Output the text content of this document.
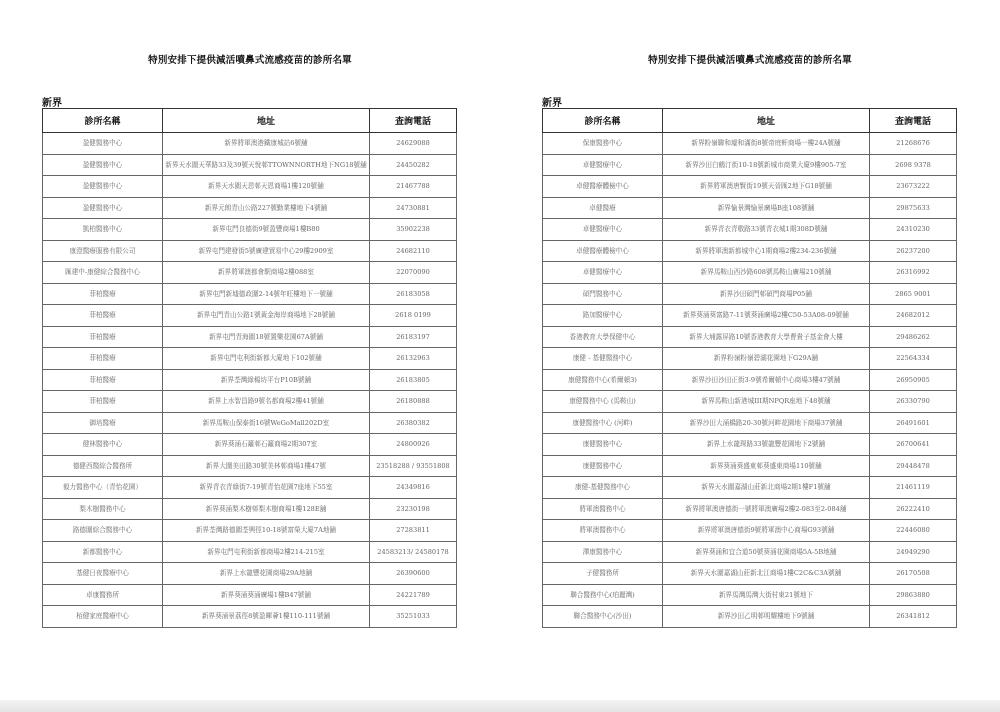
特別安排下提供減活噴鼻式流感疫苗的診所名單
新界
診所名稱	地址	查詢電話
盈健醫務中心	新界將軍澳港鐵康城站6號舖	24629088
盈健醫務中心	新界天水圍天華路33及39號天悅邨TTOWNNORTH地下NG18號舖	24450282
盈健醫務中心	新界天水圍天恩邨天恩商場1樓120號舖	21467788
盈健醫務中心	新界元朗青山公路227號勤業樓地下4號舖	24730881
凱柏醫務中心	新界屯門良德街9號盈豐商場1樓B80	35902238
康澄醫療服務有限公司	新界屯門建發街5號廣建貿易中心29樓2909室	24682110
匯建中-康健綜合醫務中心	新界將軍澳都會駅商場2樓088室	22070090
菲柏醫療	新界屯門新墟德政圍2-14號年旺樓地下一號舖	26183058
菲柏醫療	新界屯門青山公路1號黃金海岸商場地下28號舖	2618 0199
菲柏醫療	新界屯門青海圍18號置樂花園67A號舖	26183197
菲柏醫療	新界屯門屯利街新都大廈地下102號舖	26132963
菲柏醫療	新界荃灣綠楊坊平台P10B號舖	26183805
菲柏醫療	新界上水智昌路9號名都商場2樓41號舖	26180888
御培醫療	新界馬鞍山保泰街16號WeGoMall202D室	26380382
健林醫務中心	新界葵涌石籬邨石籬商場2期307室	24800926
德健西醫綜合醫務所	新界大圍美田路30號美林邨商場1樓47號	23518288 / 93551808
毅力醫務中心（青怡花園）	新界青衣青綠街7-19號青怡花園7座地下55室	24349816
梨木樹醫務中心	新界葵涌梨木樹邨梨木樹商場1樓128E舖	23230198
路德圍綜合醫務中心	新界荃灣路德圍荃興徑10-18號富榮大廈7A地舖	27283811
新都醫務中心	新界屯門屯利街新都商場2樓214-215室	24583213/ 24580178
基健日夜醫療中心	新界上水龍豐花園商場29A地舖	26390600
卓康醫務所	新界葵涌葵涌廣場1樓B47號舖	24221789
栢健家庭醫療中心	新界葵涌景荔徑8號盈暉薈1樓110-111號舖	35251033
特別安排下提供減活噴鼻式流感疫苗的診所名單
新界
診所名稱	地址	查詢電話
保康醫務中心	新界粉嶺聯和墟和滿街8號帝庭軒商場一樓24A號舖	21268676
卓健醫療中心	新界沙田白鶴汀街10-18號新城市商業大廈9樓905-7室	2698 9378
卓健醫療體檢中心	新界將軍澳唐賢街19號天晉匯2地下G18號舖	23673222
卓健醫療	新界愉景灣愉景廣場B座108號舖	29875633
卓健醫療中心	新界青衣青敬路33號青衣城1期308D號舖	24310230
卓健醫療體檢中心	新界將軍澳新都城中心1期商場2樓234-236號舖	26237200
卓健醫療中心	新界馬鞍山西沙路608號馬鞍山廣場210號舖	26316992
碩門醫務中心	新界沙田碩門邨碩門商場P05舖	2865 9001
路加醫療中心	新界葵涌葵富路7-11號葵涌廣場2樓C50-53A08-09號舖	24682012
香港教育大學保健中心	新界大埔露屏路10號香港教育大學曹貴子基金會大樓	29486262
康健 - 基健醫務中心	新界粉嶺粉嶺碧湖花園地下G29A舖	22564334
康健醫務中心(希爾頓3)	新界沙田沙田正街3-9號希爾頓中心商場3樓47號舖	26950905
康健醫務中心 (馬鞍山)	新界馬鞍山新港城III期NPQR座地下48號舖	26330790
康健醫務中心 (河畔)	新界沙田大涌橋路20-30號河畔花園地下商場37號舖	26491601
康健醫務中心	新界上水龍琛路33號龍豐花園地下2號舖	26700641
康健醫務中心	新界葵涌葵盛東邨葵盛東商場110號舖	29448478
康健-基健醫務中心	新界天水圍嘉湖山莊新北商場2期1樓F1號舖	21461119
將軍澳醫務中心	新界將軍澳唐德街一號將軍澳廣場2樓2-083至2-084舖	26222410
將軍澳醫務中心	新界將軍澳唐德街9號將軍澳中心商場G93號舖	22446080
澤康醫務中心	新界葵涌和宜合道50號葵涌花園商場5A-5B地舖	24949290
子健醫務所	新界天水圍嘉湖山莊新北江商場1樓C2C&C3A號舖	26170508
聯合醫務中心(珀麗灣)	新界馬灣馬灣大街村東21號地下	29863880
聯合醫務中心(沙田)	新界沙田乙明邨明耀樓地下9號舖	26341812
